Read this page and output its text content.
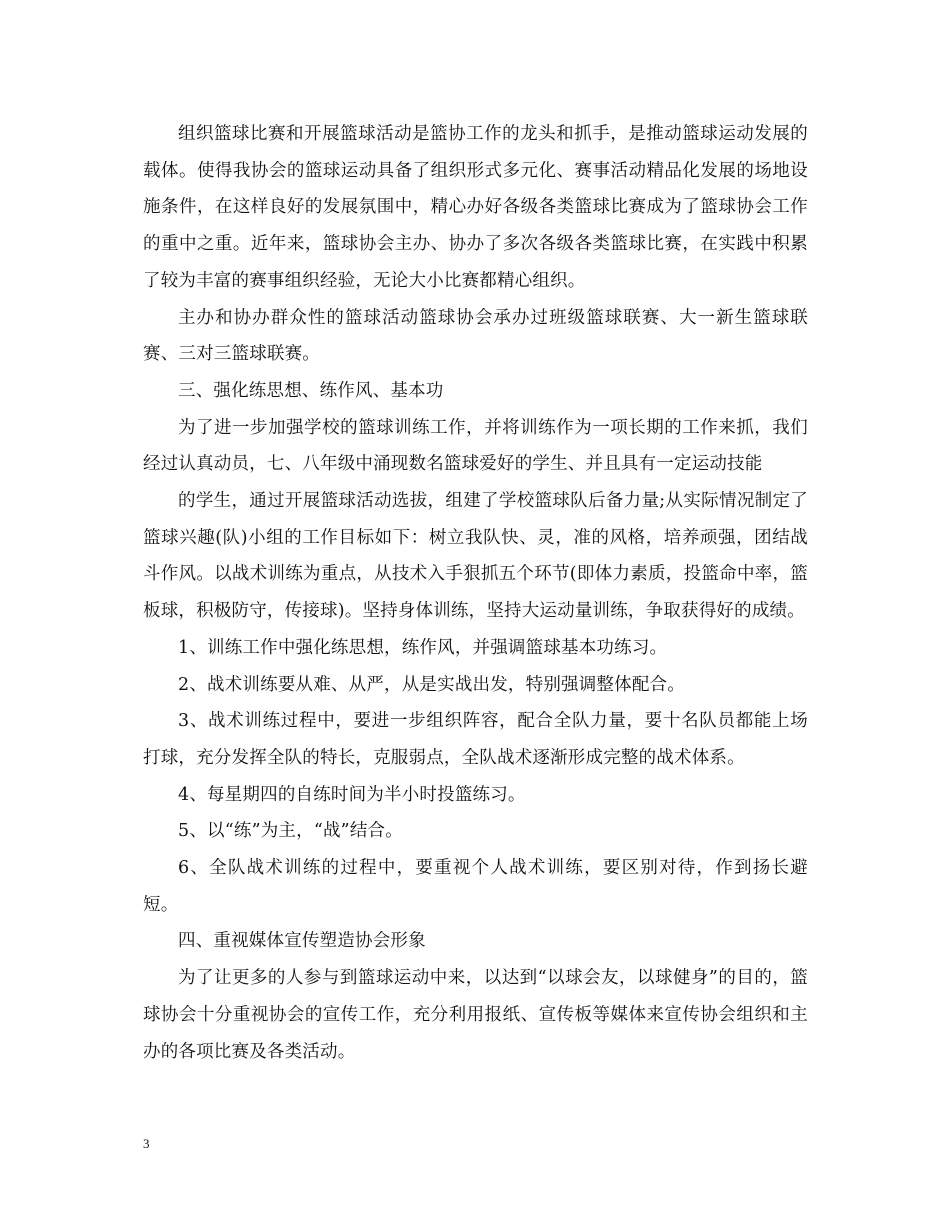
组织篮球比赛和开展篮球活动是篮协工作的龙头和抓手，是推动篮球运动发展的载体。使得我协会的篮球运动具备了组织形式多元化、赛事活动精品化发展的场地设施条件，在这样良好的发展氛围中，精心办好各级各类篮球比赛成为了篮球协会工作的重中之重。近年来，篮球协会主办、协办了多次各级各类篮球比赛，在实践中积累了较为丰富的赛事组织经验，无论大小比赛都精心组织。

主办和协办群众性的篮球活动篮球协会承办过班级篮球联赛、大一新生篮球联赛、三对三篮球联赛。

三、强化练思想、练作风、基本功

为了进一步加强学校的篮球训练工作，并将训练作为一项长期的工作来抓，我们经过认真动员，七、八年级中涌现数名篮球爱好的学生、并且具有一定运动技能

的学生，通过开展篮球活动选拔，组建了学校篮球队后备力量;从实际情况制定了篮球兴趣(队)小组的工作目标如下：树立我队快、灵，准的风格，培养顽强，团结战斗作风。以战术训练为重点，从技术入手狠抓五个环节(即体力素质，投篮命中率，篮板球，积极防守，传接球)。坚持身体训练，坚持大运动量训练，争取获得好的成绩。

1、训练工作中强化练思想，练作风，并强调篮球基本功练习。

2、战术训练要从难、从严，从是实战出发，特别强调整体配合。

3、战术训练过程中，要进一步组织阵容，配合全队力量，要十名队员都能上场打球，充分发挥全队的特长，克服弱点，全队战术逐渐形成完整的战术体系。

4、每星期四的自练时间为半小时投篮练习。

5、以“练”为主，“战”结合。

6、全队战术训练的过程中，要重视个人战术训练，要区别对待，作到扬长避短。

四、重视媒体宣传塑造协会形象

为了让更多的人参与到篮球运动中来，以达到“以球会友，以球健身”的目的，篮球协会十分重视协会的宣传工作，充分利用报纸、宣传板等媒体来宣传协会组织和主办的各项比赛及各类活动。

3
